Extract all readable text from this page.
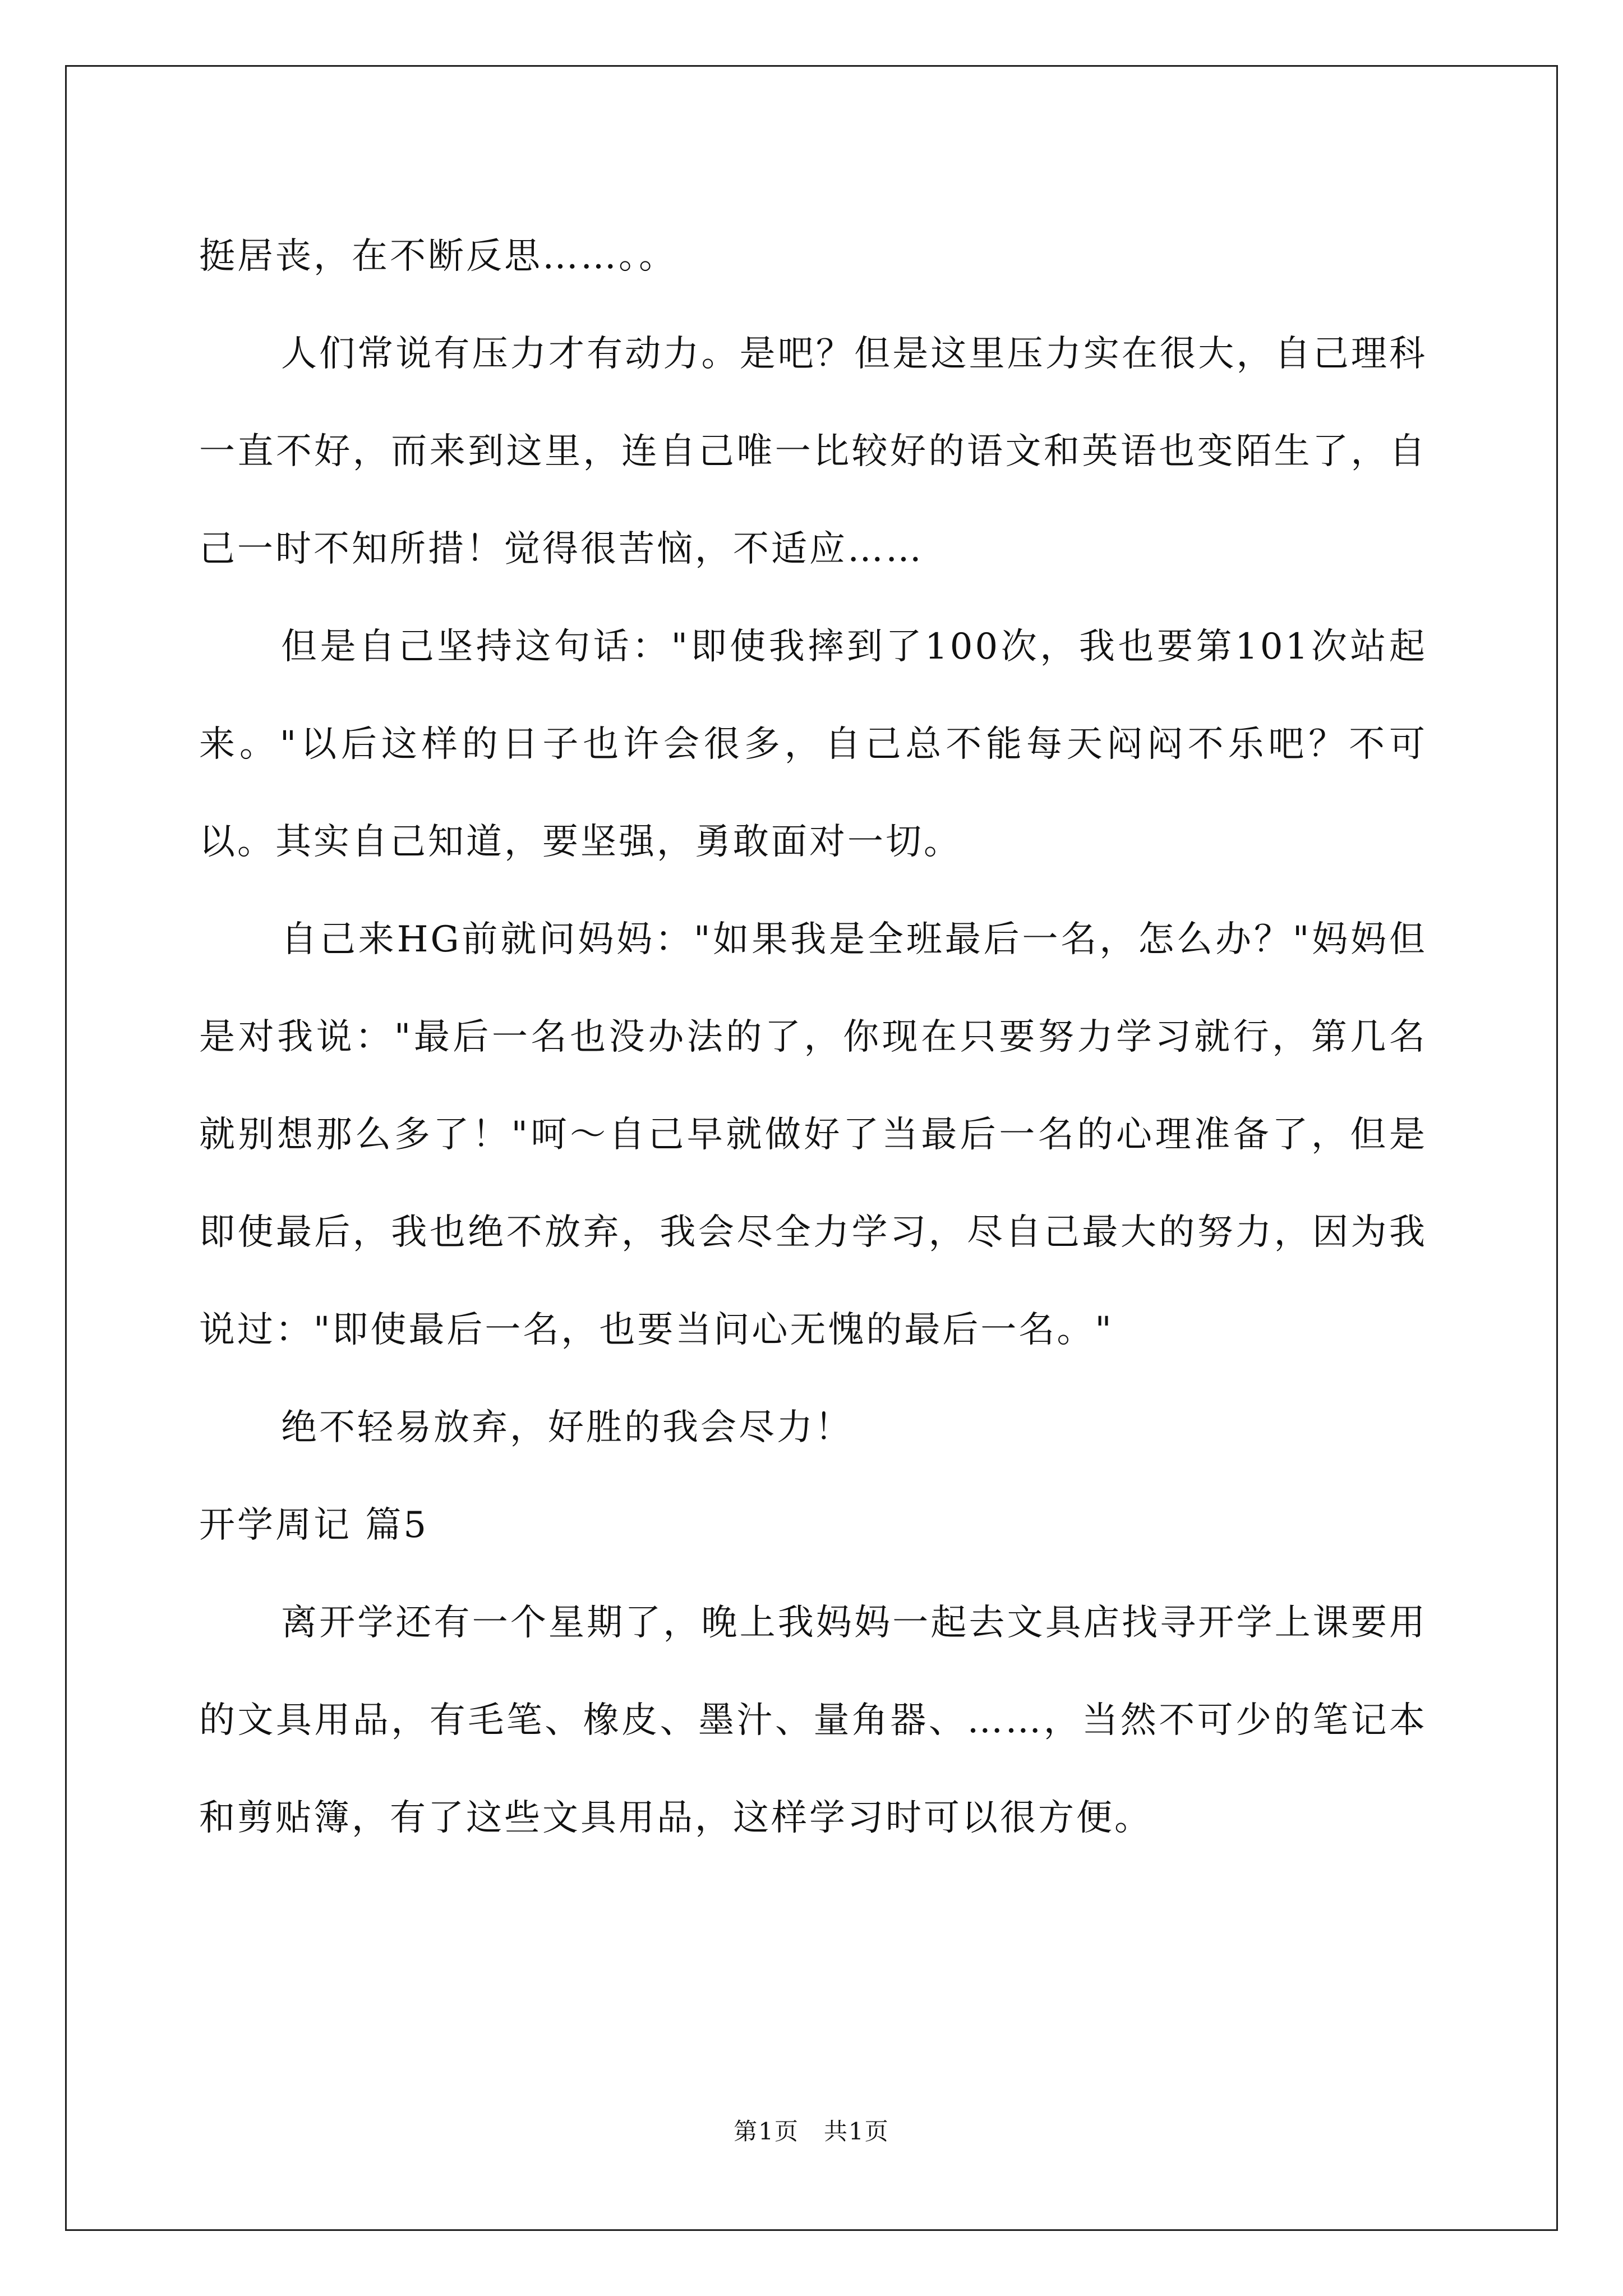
挺居丧，在不断反思……。。

人们常说有压力才有动力。是吧？但是这里压力实在很大，自己理科一直不好，而来到这里，连自己唯一比较好的语文和英语也变陌生了，自己一时不知所措！觉得很苦恼，不适应……

但是自己坚持这句话："即使我摔到了100次，我也要第101次站起来。"以后这样的日子也许会很多，自己总不能每天闷闷不乐吧？不可以。其实自己知道，要坚强，勇敢面对一切。

自己来HG前就问妈妈："如果我是全班最后一名，怎么办？"妈妈但是对我说："最后一名也没办法的了，你现在只要努力学习就行，第几名就别想那么多了！"呵～自己早就做好了当最后一名的心理准备了，但是即使最后，我也绝不放弃，我会尽全力学习，尽自己最大的努力，因为我说过："即使最后一名，也要当问心无愧的最后一名。"

绝不轻易放弃，好胜的我会尽力！

开学周记 篇5

离开学还有一个星期了，晚上我妈妈一起去文具店找寻开学上课要用的文具用品，有毛笔、橡皮、墨汁、量角器、……，当然不可少的笔记本和剪贴簿，有了这些文具用品，这样学习时可以很方便。

第1页　共1页
